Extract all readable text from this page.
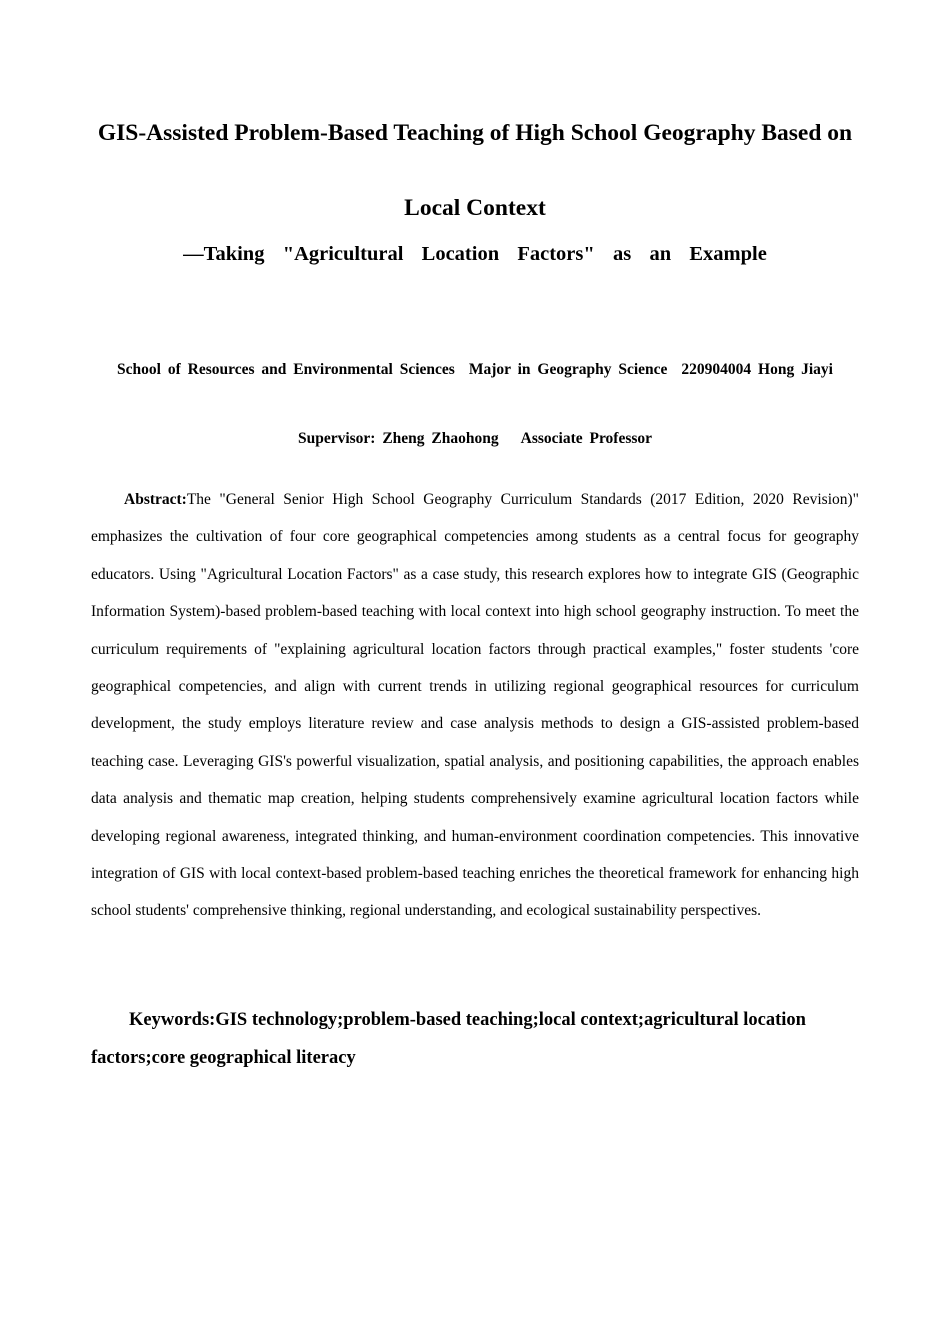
GIS-Assisted Problem-Based Teaching of High School Geography Based on Local Context
—Taking  "Agricultural  Location  Factors"  as  an  Example

School of Resources and Environmental Sciences Major in Geography Science 220904004 Hong Jiayi

Supervisor: Zheng Zhaohong Associate Professor

Abstract:The "General Senior High School Geography Curriculum Standards (2017 Edition, 2020 Revision)" emphasizes the cultivation of four core geographical competencies among students as a central focus for geography educators. Using "Agricultural Location Factors" as a case study, this research explores how to integrate GIS (Geographic Information System)-based problem-based teaching with local context into high school geography instruction. To meet the curriculum requirements of "explaining agricultural location factors through practical examples," foster students 'core geographical competencies, and align with current trends in utilizing regional geographical resources for curriculum development, the study employs literature review and case analysis methods to design a GIS-assisted problem-based teaching case. Leveraging GIS's powerful visualization, spatial analysis, and positioning capabilities, the approach enables data analysis and thematic map creation, helping students comprehensively examine agricultural location factors while developing regional awareness, integrated thinking, and human-environment coordination competencies. This innovative integration of GIS with local context-based problem-based teaching enriches the theoretical framework for enhancing high school students' comprehensive thinking, regional understanding, and ecological sustainability perspectives.

Keywords:GIS technology;problem-based teaching;local context;agricultural location factors;core geographical literacy
